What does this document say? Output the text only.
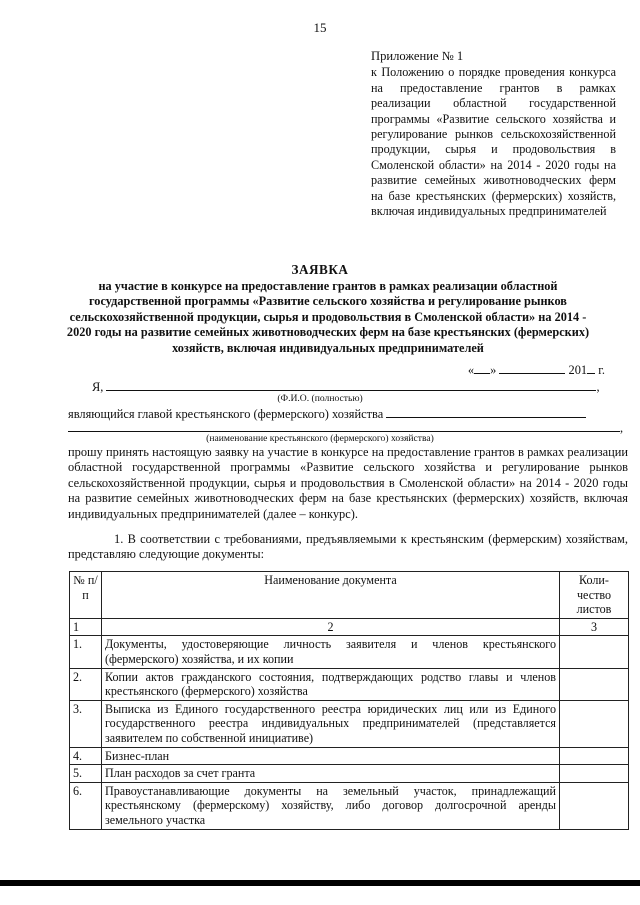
15
Приложение № 1
к Положению о порядке проведения конкурса на предоставление грантов в рамках реализации областной государственной программы «Развитие сельского хозяйства и регулирование рынков сельскохозяйственной продукции, сырья и продовольствия в Смоленской области» на 2014 - 2020 годы на развитие семейных животноводческих ферм на базе крестьянских (фермерских) хозяйств, включая индивидуальных предпринимателей
ЗАЯВКА
на участие в конкурсе на предоставление грантов в рамках реализации областной государственной программы «Развитие сельского хозяйства и регулирование рынков сельскохозяйственной продукции, сырья и продовольствия в Смоленской области» на 2014 - 2020 годы на развитие семейных животноводческих ферм на базе крестьянских (фермерских) хозяйств, включая индивидуальных предпринимателей
« »	201 г.
Я,	,
(Ф.И.О. (полностью)
являющийся главой крестьянского (фермерского) хозяйства
,
(наименование крестьянского (фермерского) хозяйства)
прошу принять настоящую заявку на участие в конкурсе на предоставление грантов в рамках реализации областной государственной программы «Развитие сельского хозяйства и регулирование рынков сельскохозяйственной продукции, сырья и продовольствия в Смоленской области» на 2014 - 2020 годы на развитие семейных животноводческих ферм на базе крестьянских (фермерских) хозяйств, включая индивидуальных предпринимателей (далее – конкурс).
1. В соответствии с требованиями, предъявляемыми к крестьянским (фермерским) хозяйствам, представляю следующие документы:
№ п/п	Наименование документа	Коли-чество листов
1	2	3
1.	Документы, удостоверяющие личность заявителя и членов крестьянского (фермерского) хозяйства, и их копии	
2.	Копии актов гражданского состояния, подтверждающих родство главы и членов крестьянского (фермерского) хозяйства	
3.	Выписка из Единого государственного реестра юридических лиц или из Единого государственного реестра индивидуальных предпринимателей (представляется заявителем по собственной инициативе)	
4.	Бизнес-план	
5.	План расходов за счет гранта	
6.	Правоустанавливающие документы на земельный участок, принадлежащий крестьянскому (фермерскому) хозяйству, либо договор долгосрочной аренды земельного участка	
